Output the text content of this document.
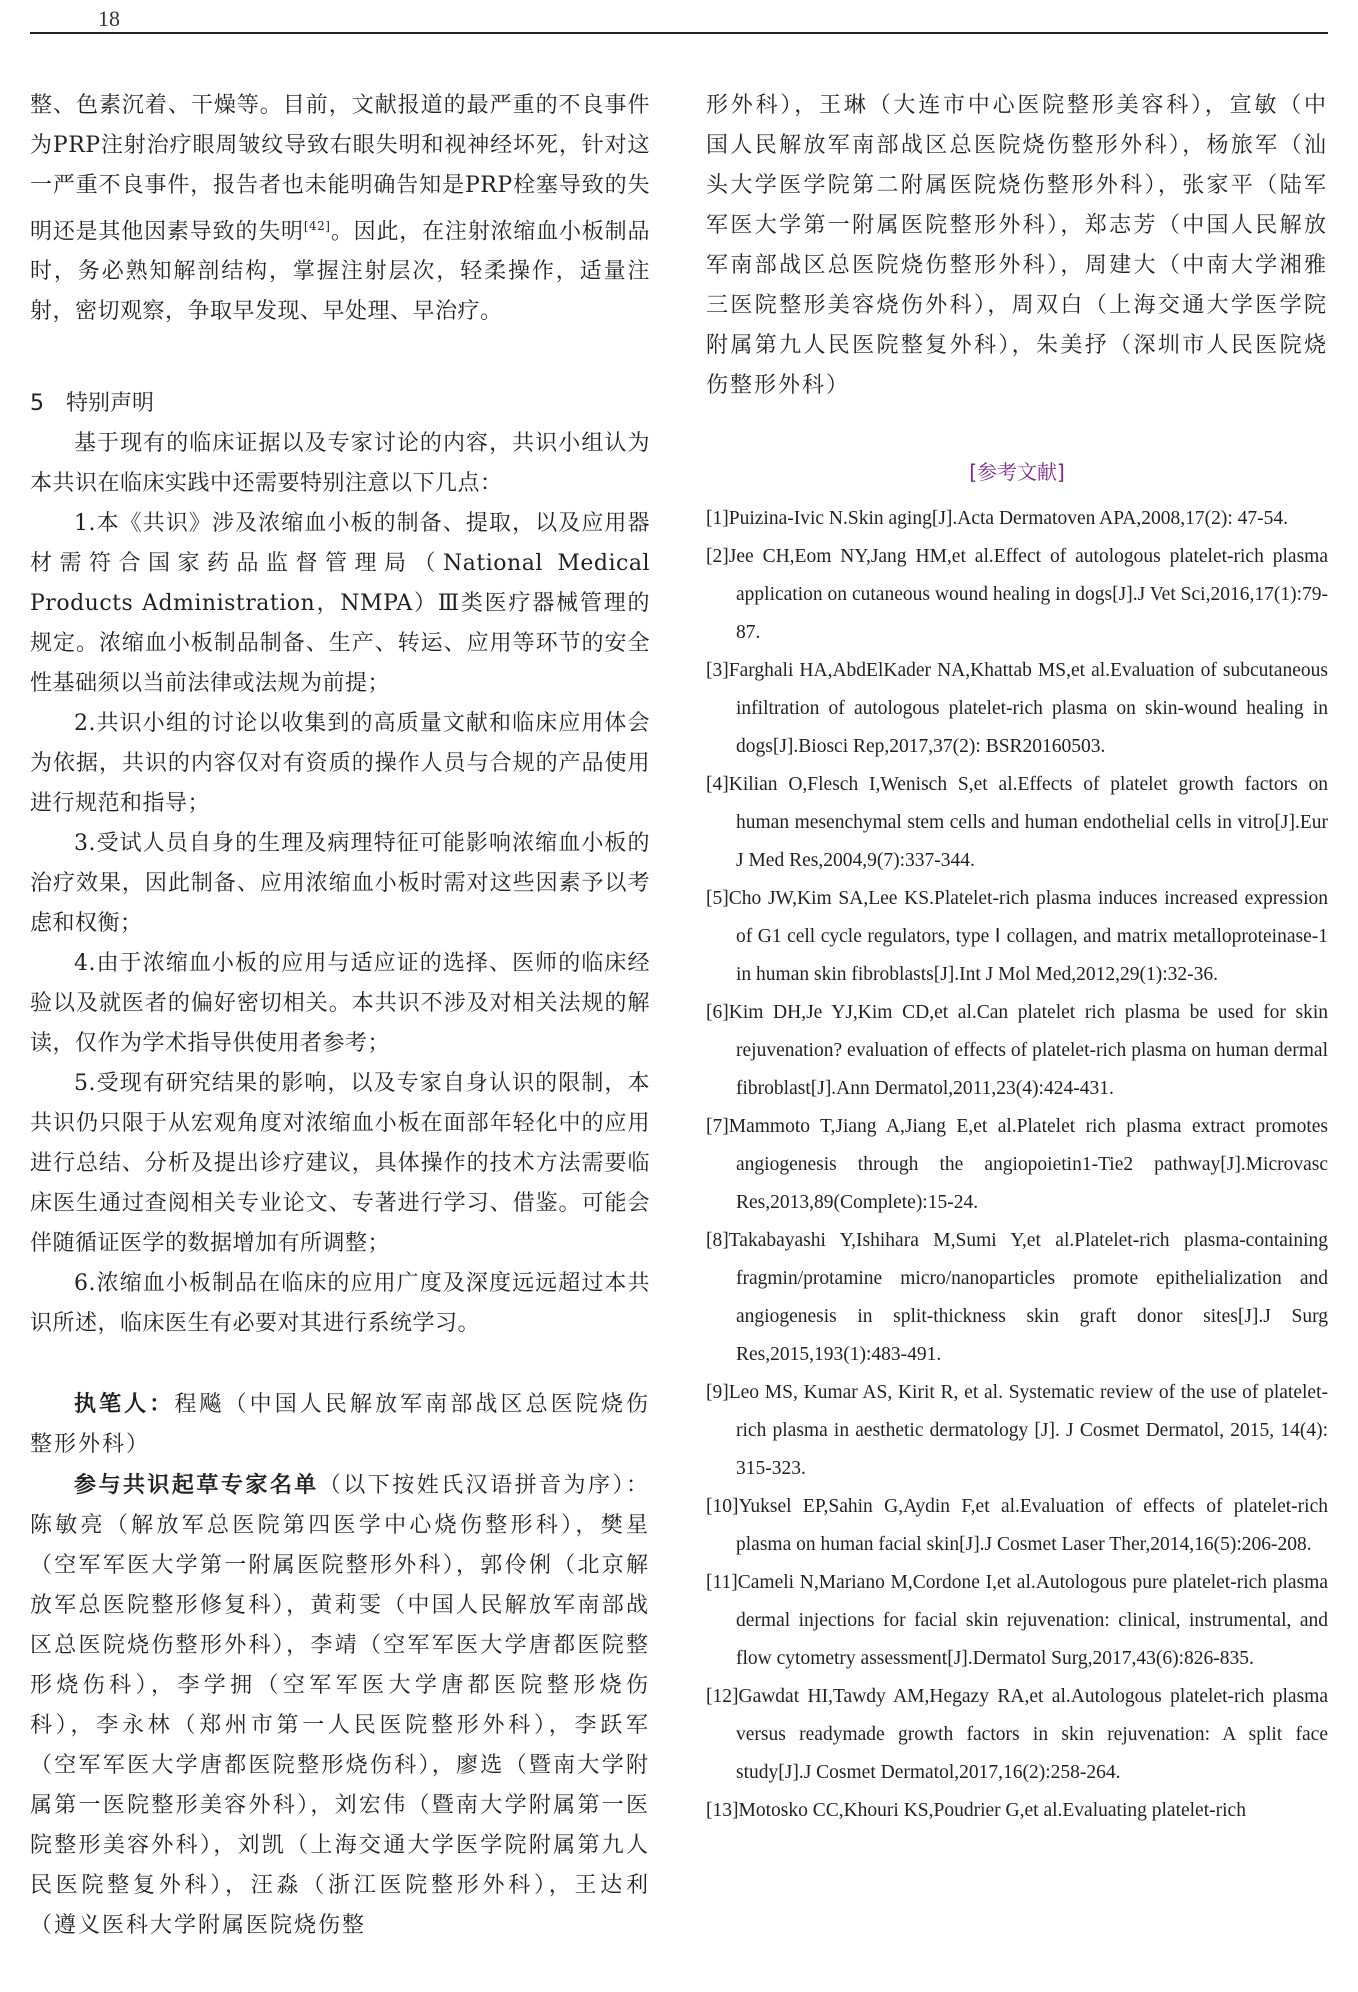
18

整、色素沉着、干燥等。目前，文献报道的最严重的不良事件为PRP注射治疗眼周皱纹导致右眼失明和视神经坏死，针对这一严重不良事件，报告者也未能明确告知是PRP栓塞导致的失明还是其他因素导致的失明[42]。因此，在注射浓缩血小板制品时，务必熟知解剖结构，掌握注射层次，轻柔操作，适量注射，密切观察，争取早发现、早处理、早治疗。

5　特别声明

基于现有的临床证据以及专家讨论的内容，共识小组认为本共识在临床实践中还需要特别注意以下几点：

1.本《共识》涉及浓缩血小板的制备、提取，以及应用器材需符合国家药品监督管理局（National Medical Products Administration，NMPA）Ⅲ类医疗器械管理的规定。浓缩血小板制品制备、生产、转运、应用等环节的安全性基础须以当前法律或法规为前提；

2.共识小组的讨论以收集到的高质量文献和临床应用体会为依据，共识的内容仅对有资质的操作人员与合规的产品使用进行规范和指导；

3.受试人员自身的生理及病理特征可能影响浓缩血小板的治疗效果，因此制备、应用浓缩血小板时需对这些因素予以考虑和权衡；

4.由于浓缩血小板的应用与适应证的选择、医师的临床经验以及就医者的偏好密切相关。本共识不涉及对相关法规的解读，仅作为学术指导供使用者参考；

5.受现有研究结果的影响，以及专家自身认识的限制，本共识仍只限于从宏观角度对浓缩血小板在面部年轻化中的应用进行总结、分析及提出诊疗建议，具体操作的技术方法需要临床医生通过查阅相关专业论文、专著进行学习、借鉴。可能会伴随循证医学的数据增加有所调整；

6.浓缩血小板制品在临床的应用广度及深度远远超过本共识所述，临床医生有必要对其进行系统学习。

执笔人：程飚（中国人民解放军南部战区总医院烧伤整形外科）

参与共识起草专家名单（以下按姓氏汉语拼音为序）：陈敏亮（解放军总医院第四医学中心烧伤整形科），樊星（空军军医大学第一附属医院整形外科），郭伶俐（北京解放军总医院整形修复科），黄莉雯（中国人民解放军南部战区总医院烧伤整形外科），李靖（空军军医大学唐都医院整形烧伤科），李学拥（空军军医大学唐都医院整形烧伤科），李永林（郑州市第一人民医院整形外科），李跃军（空军军医大学唐都医院整形烧伤科），廖选（暨南大学附属第一医院整形美容外科），刘宏伟（暨南大学附属第一医院整形美容外科），刘凯（上海交通大学医学院附属第九人民医院整复外科），汪淼（浙江医院整形外科），王达利（遵义医科大学附属医院烧伤整

形外科），王琳（大连市中心医院整形美容科），宣敏（中国人民解放军南部战区总医院烧伤整形外科），杨旅军（汕头大学医学院第二附属医院烧伤整形外科），张家平（陆军军医大学第一附属医院整形外科），郑志芳（中国人民解放军南部战区总医院烧伤整形外科），周建大（中南大学湘雅三医院整形美容烧伤外科），周双白（上海交通大学医学院附属第九人民医院整复外科），朱美抒（深圳市人民医院烧伤整形外科）

[参考文献]

[1]Puizina-Ivic N.Skin aging[J].Acta Dermatoven APA,2008,17(2): 47-54.

[2]Jee CH,Eom NY,Jang HM,et al.Effect of autologous platelet-rich plasma application on cutaneous wound healing in dogs[J].J Vet Sci,2016,17(1):79-87.

[3]Farghali HA,AbdElKader NA,Khattab MS,et al.Evaluation of subcutaneous infiltration of autologous platelet-rich plasma on skin-wound healing in dogs[J].Biosci Rep,2017,37(2): BSR20160503.

[4]Kilian O,Flesch I,Wenisch S,et al.Effects of platelet growth factors on human mesenchymal stem cells and human endothelial cells in vitro[J].Eur J Med Res,2004,9(7):337-344.

[5]Cho JW,Kim SA,Lee KS.Platelet-rich plasma induces increased expression of G1 cell cycle regulators, type Ⅰ collagen, and matrix metalloproteinase-1 in human skin fibroblasts[J].Int J Mol Med,2012,29(1):32-36.

[6]Kim DH,Je YJ,Kim CD,et al.Can platelet rich plasma be used for skin rejuvenation? evaluation of effects of platelet-rich plasma on human dermal fibroblast[J].Ann Dermatol,2011,23(4):424-431.

[7]Mammoto T,Jiang A,Jiang E,et al.Platelet rich plasma extract promotes angiogenesis through the angiopoietin1-Tie2 pathway[J].Microvasc Res,2013,89(Complete):15-24.

[8]Takabayashi Y,Ishihara M,Sumi Y,et al.Platelet-rich plasma-containing fragmin/protamine micro/nanoparticles promote epithelialization and angiogenesis in split-thickness skin graft donor sites[J].J Surg Res,2015,193(1):483-491.

[9]Leo MS, Kumar AS, Kirit R, et al. Systematic review of the use of platelet-rich plasma in aesthetic dermatology [J]. J Cosmet Dermatol, 2015, 14(4): 315-323.

[10]Yuksel EP,Sahin G,Aydin F,et al.Evaluation of effects of platelet-rich plasma on human facial skin[J].J Cosmet Laser Ther,2014,16(5):206-208.

[11]Cameli N,Mariano M,Cordone I,et al.Autologous pure platelet-rich plasma dermal injections for facial skin rejuvenation: clinical, instrumental, and flow cytometry assessment[J].Dermatol Surg,2017,43(6):826-835.

[12]Gawdat HI,Tawdy AM,Hegazy RA,et al.Autologous platelet-rich plasma versus readymade growth factors in skin rejuvenation: A split face study[J].J Cosmet Dermatol,2017,16(2):258-264.

[13]Motosko CC,Khouri KS,Poudrier G,et al.Evaluating platelet-rich
